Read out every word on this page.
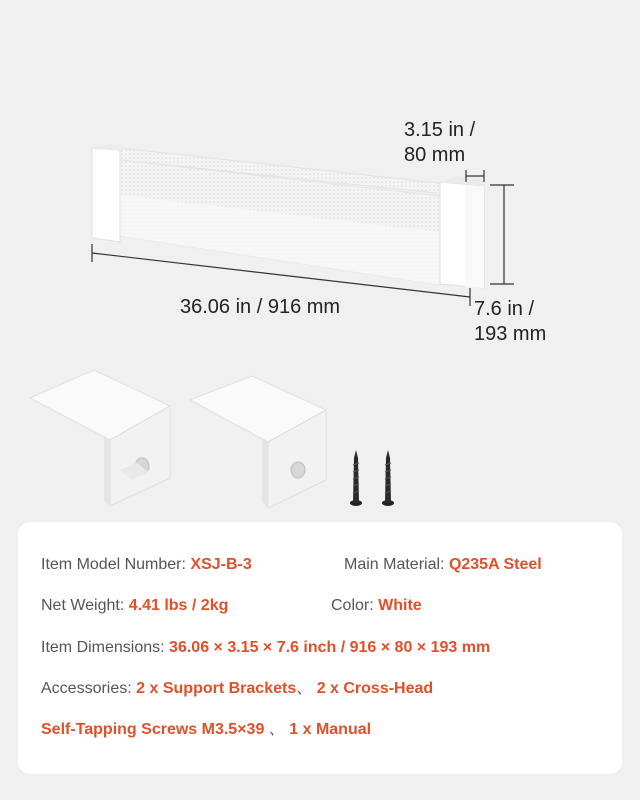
3.15 in /
80 mm
36.06 in / 916 mm	7.6 in /
193 mm
Item Model Number: XSJ-B-3	Main Material: Q235A Steel
Net Weight: 4.41 lbs / 2kg	Color: White
Item Dimensions: 36.06 × 3.15 × 7.6 inch / 916 × 80 × 193 mm
Accessories: 2 x Support Brackets、 2 x Cross-Head
Self-Tapping Screws M3.5×39 、 1 x Manual
